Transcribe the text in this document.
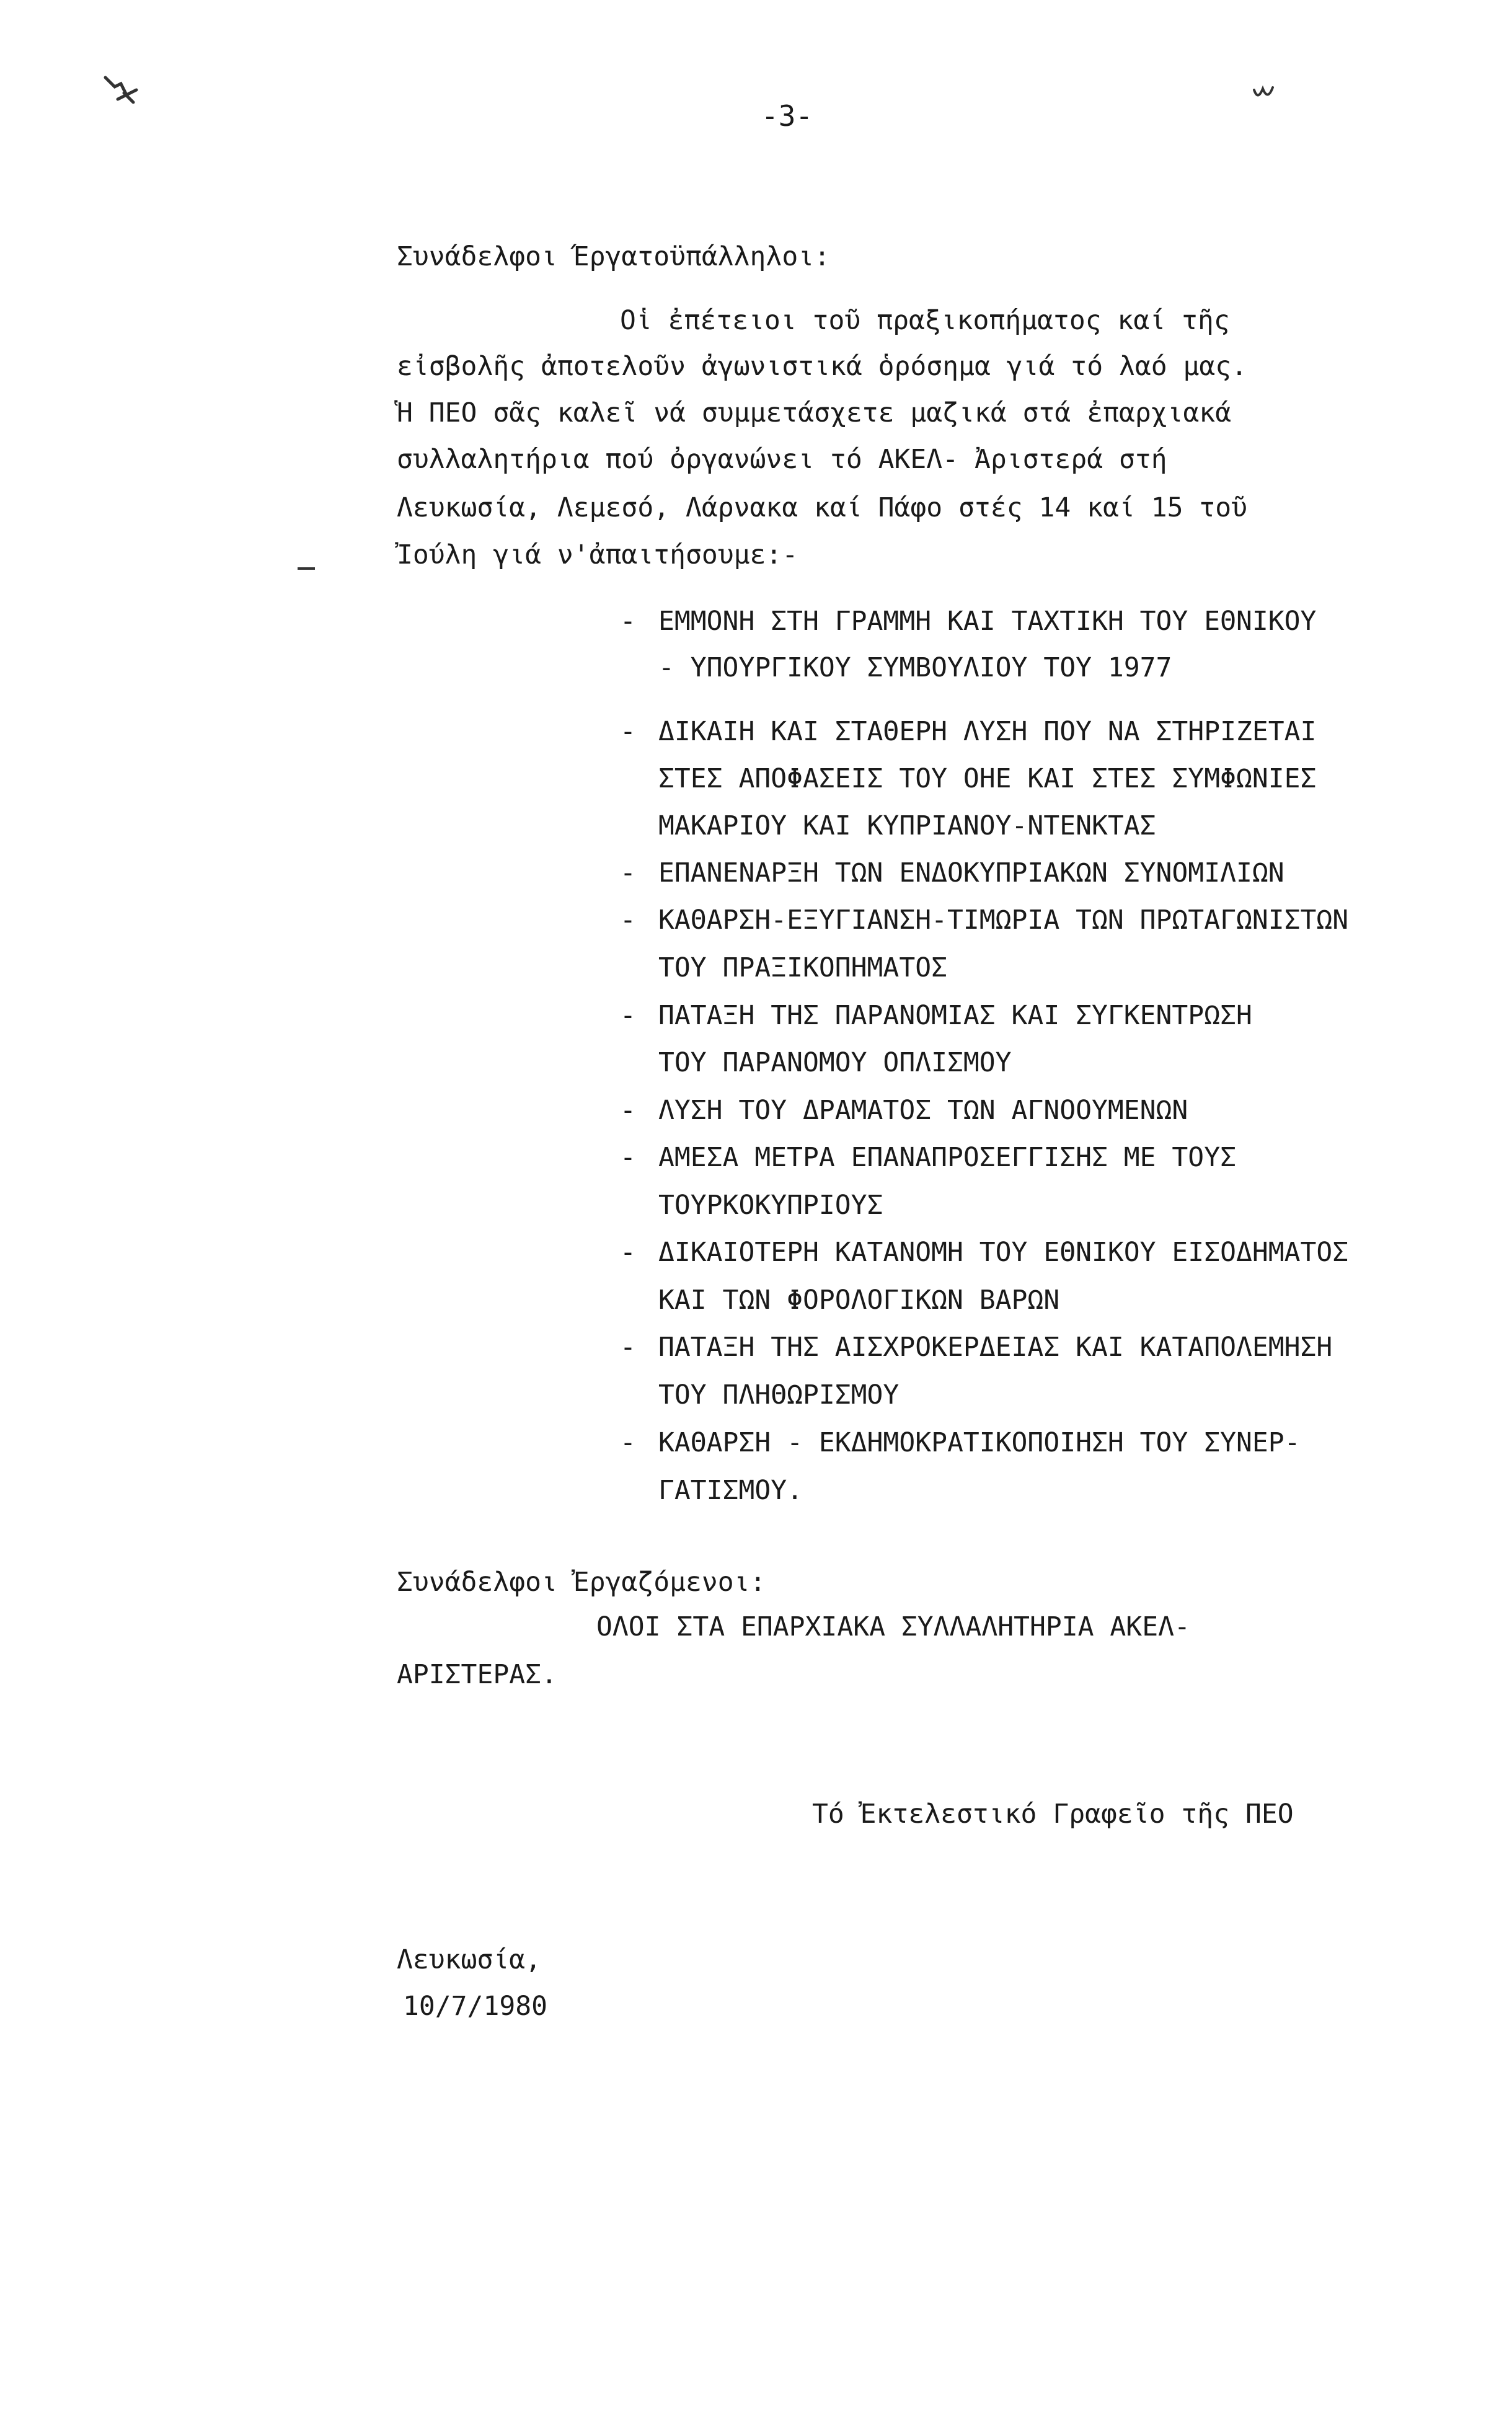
-3-
Συνάδελφοι Έργατοϋπάλληλοι:
Οἱ ἐπέτειοι τοῦ πραξικοπήματος καί τῆς
εἰσβολῆς ἀποτελοῦν ἀγωνιστικά ὁρόσημα γιά τό λαό μας.
Ἡ ΠΕΟ σᾶς καλεῖ νά συμμετάσχετε μαζικά στά ἐπαρχιακά
συλλαλητήρια πού ὀργανώνει τό ΑΚΕΛ- Ἀριστερά στή
Λευκωσία, Λεμεσό, Λάρνακα καί Πάφο στές 14 καί 15 τοῦ
Ἰούλη γιά ν'ἀπαιτήσουμε:-
- ΕΜΜΟΝΗ ΣΤΗ ΓΡΑΜΜΗ ΚΑΙ ΤΑΧΤΙΚΗ ΤΟΥ ΕΘΝΙΚΟΥ
- ΥΠΟΥΡΓΙΚΟΥ ΣΥΜΒΟΥΛΙΟΥ ΤΟΥ 1977
- ΔΙΚΑΙΗ ΚΑΙ ΣΤΑΘΕΡΗ ΛΥΣΗ ΠΟΥ ΝΑ ΣΤΗΡΙΖΕΤΑΙ
ΣΤΕΣ ΑΠΟΦΑΣΕΙΣ ΤΟΥ ΟΗΕ ΚΑΙ ΣΤΕΣ ΣΥΜΦΩΝΙΕΣ
ΜΑΚΑΡΙΟΥ ΚΑΙ ΚΥΠΡΙΑΝΟΥ-ΝΤΕΝΚΤΑΣ
- ΕΠΑΝΕΝΑΡΞΗ ΤΩΝ ΕΝΔΟΚΥΠΡΙΑΚΩΝ ΣΥΝΟΜΙΛΙΩΝ
- ΚΑΘΑΡΣΗ-ΕΞΥΓΙΑΝΣΗ-ΤΙΜΩΡΙΑ ΤΩΝ ΠΡΩΤΑΓΩΝΙΣΤΩΝ
ΤΟΥ ΠΡΑΞΙΚΟΠΗΜΑΤΟΣ
- ΠΑΤΑΞΗ ΤΗΣ ΠΑΡΑΝΟΜΙΑΣ ΚΑΙ ΣΥΓΚΕΝΤΡΩΣΗ
ΤΟΥ ΠΑΡΑΝΟΜΟΥ ΟΠΛΙΣΜΟΥ
- ΛΥΣΗ ΤΟΥ ΔΡΑΜΑΤΟΣ ΤΩΝ ΑΓΝΟΟΥΜΕΝΩΝ
- ΑΜΕΣΑ ΜΕΤΡΑ ΕΠΑΝΑΠΡΟΣΕΓΓΙΣΗΣ ΜΕ ΤΟΥΣ
ΤΟΥΡΚΟΚΥΠΡΙΟΥΣ
- ΔΙΚΑΙΟΤΕΡΗ ΚΑΤΑΝΟΜΗ ΤΟΥ ΕΘΝΙΚΟΥ ΕΙΣΟΔΗΜΑΤΟΣ
ΚΑΙ ΤΩΝ ΦΟΡΟΛΟΓΙΚΩΝ ΒΑΡΩΝ
- ΠΑΤΑΞΗ ΤΗΣ ΑΙΣΧΡΟΚΕΡΔΕΙΑΣ ΚΑΙ ΚΑΤΑΠΟΛΕΜΗΣΗ
ΤΟΥ ΠΛΗΘΩΡΙΣΜΟΥ
- ΚΑΘΑΡΣΗ - ΕΚΔΗΜΟΚΡΑΤΙΚΟΠΟΙΗΣΗ ΤΟΥ ΣΥΝΕΡ-
ΓΑΤΙΣΜΟΥ.
Συνάδελφοι Ἐργαζόμενοι:
ΟΛΟΙ ΣΤΑ ΕΠΑΡΧΙΑΚΑ ΣΥΛΛΑΛΗΤΗΡΙΑ ΑΚΕΛ-
ΑΡΙΣΤΕΡΑΣ.
Τό Ἐκτελεστικό Γραφεῖο τῆς ΠΕΟ
Λευκωσία,
10/7/1980
